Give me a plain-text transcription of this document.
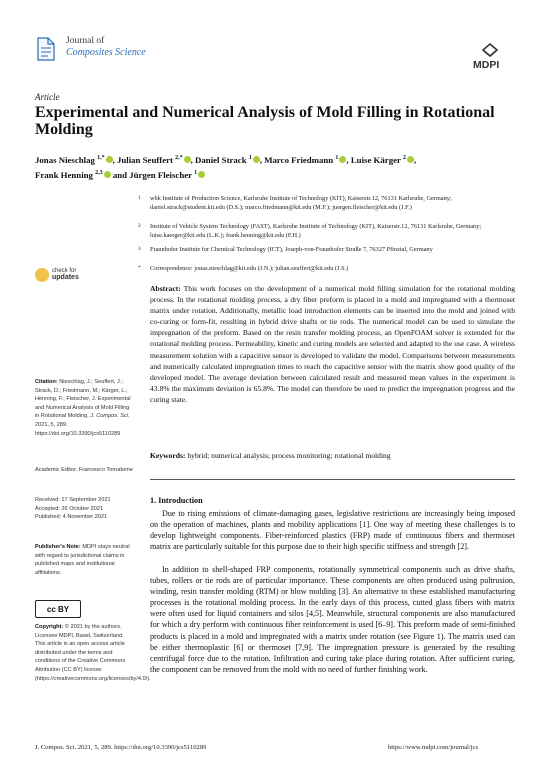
Journal of
Composites Science
MDPI
Article
Experimental and Numerical Analysis of Mold Filling in Rotational Molding
Jonas Nieschlag $^{1,*}$ , Julian Seuffert $^{2,*}$ , Daniel Strack $^1$ , Marco Friedmann $^1$ , Luise Kärger $^2$ ,
Frank Henning $^{2,3}$ and Jürgen Fleischer $^1$
1 wbk Institute of Production Science, Karlsruhe Institute of Technology (KIT), Kaiserstr.12, 76131 Karlsruhe, Germany; daniel.strack@student.kit.edu (D.S.); marco.friedmann@kit.edu (M.F.); juergen.fleischer@kit.edu (J.F.)
2 Institute of Vehicle System Technology (FAST), Karlsruhe Institute of Technology (KIT), Kaiserstr.12, 76131 Karlsruhe, Germany; luise.kaerger@kit.edu (L.K.); frank.henning@kit.edu (F.H.)
3 Fraunhofer Institute for Chemical Technology (ICT), Joseph-von-Fraunhofer Straße 7, 76327 Pfinztal, Germany
* Correspondence: jonas.nieschlag@kit.edu (J.N.); julian.seuffert@kit.edu (J.S.)
Abstract: This work focuses on the development of a numerical mold filling simulation for the rotational molding process. In the rotational molding process, a dry fiber preform is placed in a mold and impregnated with a thermoset matrix under rotation. Additionally, metallic load introduction elements can be inserted into the mold and joined with co-curing or form-fit, resulting in hybrid drive shafts or tie rods. The numerical model can be used to simulate the impregnation of the preform. Based on the resin transfer molding process, an OpenFOAM solver is extended for the rotational molding process. Permeability, kinetic and curing models are selected and adapted to the use case. A wireless measurement solution with a capacitive sensor is developed to validate the model. Comparisons between measurements and numerically calculated impregnation times to reach the capacitive sensor with the matrix show good quality of the developed model. The average deviation between calculated result and measured mean values in the experiment is 43.8% the maximum deviation is 65.8%. The model can therefore be used to predict the impregnation progress and the curing state.
Keywords: hybrid; numerical analysis; process monitoring; rotational molding
check for
updates
Citation: Nieschlag, J.; Seuffert, J.; Strack, D.; Friedmann, M.; Kärger, L.; Henning, F.; Fleischer, J. Experimental and Numerical Analysis of Mold Filling in Rotational Molding. J. Compos. Sci. 2021, 5, 289. https://doi.org/10.3390/jcs5110289
Academic Editor: Francesco Tornabene
Received: 17 September 2021
Accepted: 26 October 2021
Published: 4 November 2021
Publisher's Note: MDPI stays neutral with regard to jurisdictional claims in published maps and institutional affiliations.
cc BY
Copyright: © 2021 by the authors. Licensee MDPI, Basel, Switzerland. This article is an open access article distributed under the terms and conditions of the Creative Commons Attribution (CC BY) license (https://creativecommons.org/licenses/by/4.0/).
1. Introduction
Due to rising emissions of climate-damaging gases, legislative restrictions are increasingly being imposed on the operation of machines, plants and mobility applications [1]. One way of meeting these challenges is to develop lightweight components. Fiber-reinforced plastics (FRP) made of continuous fibers and thermoset matrix are particularly suitable for this purpose due to their high specific stiffness and strength [2].
In addition to shell-shaped FRP components, rotationally symmetrical components such as drive shafts, tubes, rollers or tie rods are of particular importance. These components are often produced using pultrusion, winding, resin transfer molding (RTM) or blow molding [3]. An alternative to these established manufacturing processes is the rotational molding process. In the early days of this process, cutted glass fibers with matrix were often used for liquid containers and silos [4,5]. Meanwhile, structural components are also manufactured for which a dry perform with continuous fiber reinforcement is used [6–9]. This preform made of semi-finished products is placed in a mold and impregnated with a matrix under rotation (see Figure 1). The matrix used can be either thermoplastic [6] or thermoset [7,9]. The impregnation pressure is generated by the resulting centrifugal force due to the rotation. Infiltration and curing take place during rotation. After sufficient curing, the component can be removed from the mold with no need of further finishing work.
J. Compos. Sci. 2021, 5, 289. https://doi.org/10.3390/jcs5110289	https://www.mdpi.com/journal/jcs
